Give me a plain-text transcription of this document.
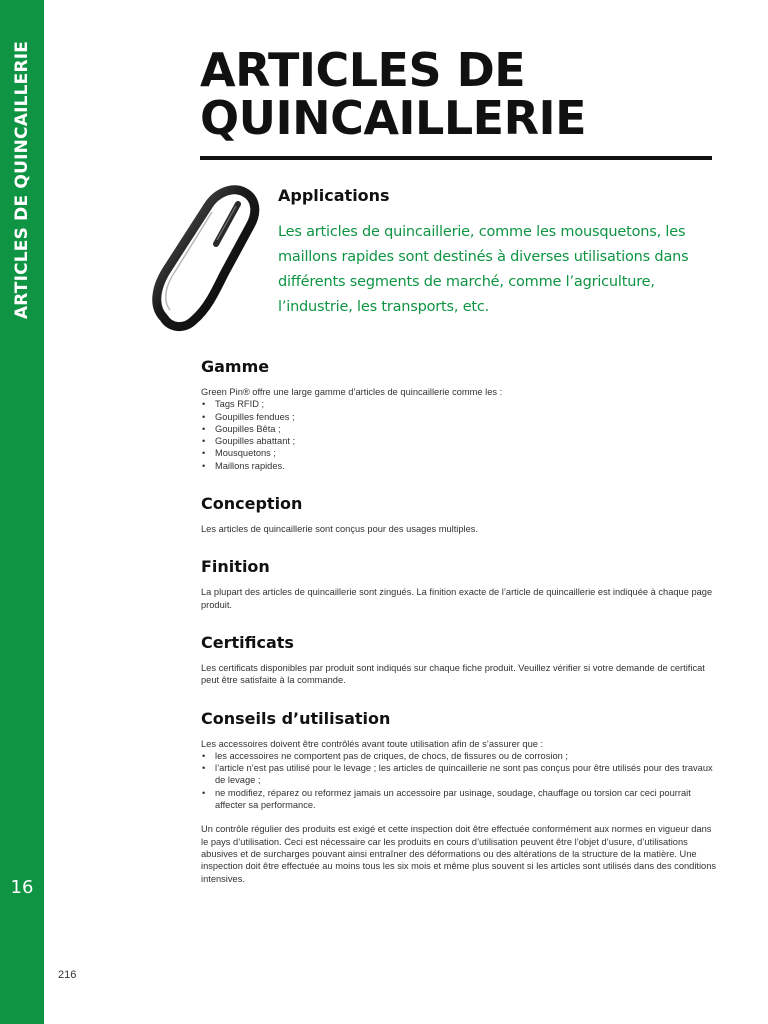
ARTICLES DE QUINCAILLERIE
16
ARTICLES DE
QUINCAILLERIE
Applications

Les articles de quincaillerie, comme les mousquetons, les maillons rapides sont destinés à diverses utilisations dans différents segments de marché, comme l’agriculture, l’industrie, les transports, etc.

Gamme

Green Pin® offre une large gamme d’articles de quincaillerie comme les :

• Tags RFID ;
• Goupilles fendues ;
• Goupilles Bêta ;
• Goupilles abattant ;
• Mousquetons ;
• Maillons rapides.
Conception

Les articles de quincaillerie sont conçus pour des usages multiples.

Finition

La plupart des articles de quincaillerie sont zingués. La finition exacte de l’article de quincaillerie est indiquée à chaque page produit.

Certificats

Les certificats disponibles par produit sont indiqués sur chaque fiche produit. Veuillez vérifier si votre demande de certificat peut être satisfaite à la commande.

Conseils d’utilisation

Les accessoires doivent être contrôlés avant toute utilisation afin de s’assurer que :

• les accessoires ne comportent pas de criques, de chocs, de fissures ou de corrosion ;
• l’article n’est pas utilisé pour le levage ; les articles de quincaillerie ne sont pas conçus pour être utilisés pour des travaux de levage ;
• ne modifiez, réparez ou reformez jamais un accessoire par usinage, soudage, chauffage ou torsion car ceci pourrait affecter sa performance.

Un contrôle régulier des produits est exigé et cette inspection doit être effectuée conformément aux normes en vigueur dans le pays d’utilisation. Ceci est nécessaire car les produits en cours d’utilisation peuvent être l’objet d’usure, d’utilisations abusives et de surcharges pouvant ainsi entraîner des déformations ou des altérations de la structure de la matière. Une inspection doit être effectuée au moins tous les six mois et même plus souvent si les articles sont utilisés dans des conditions intensives.

216
